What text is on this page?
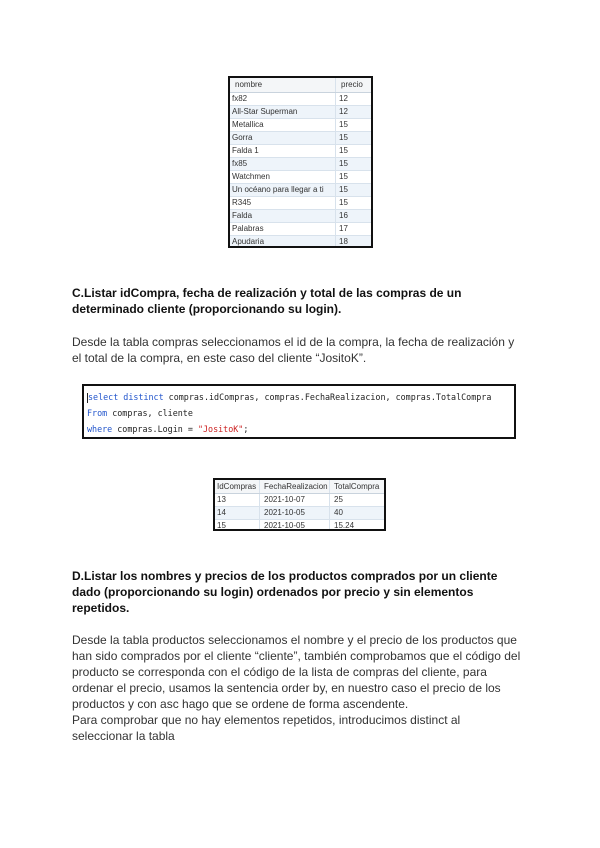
nombre	precio
fx82	12
All-Star Superman	12
Metallica	15
Gorra	15
Falda 1	15
fx85	15
Watchmen	15
Un océano para llegar a ti	15
R345	15
Falda	16
Palabras	17
Apudaria	18
C.Listar idCompra, fecha de realización y total de las compras de un
determinado cliente (proporcionando su login).
Desde la tabla compras seleccionamos el id de la compra, la fecha de realización y
el total de la compra, en este caso del cliente “JositoK”.
select distinct compras.idCompras, compras.FechaRealizacion, compras.TotalCompra
From compras, cliente
where compras.Login = "JositoK";
IdCompras FechaRealizacion TotalCompra
13	2021-10-07	25
14	2021-10-05	40
15	2021-10-05	15.24
D.Listar los nombres y precios de los productos comprados por un cliente
dado (proporcionando su login) ordenados por precio y sin elementos
repetidos.
Desde la tabla productos seleccionamos el nombre y el precio de los productos que
han sido comprados por el cliente “cliente”, también comprobamos que el código del
producto se corresponda con el código de la lista de compras del cliente, para
ordenar el precio, usamos la sentencia order by, en nuestro caso el precio de los
productos y con asc hago que se ordene de forma ascendente.
Para comprobar que no hay elementos repetidos, introducimos distinct al
seleccionar la tabla
